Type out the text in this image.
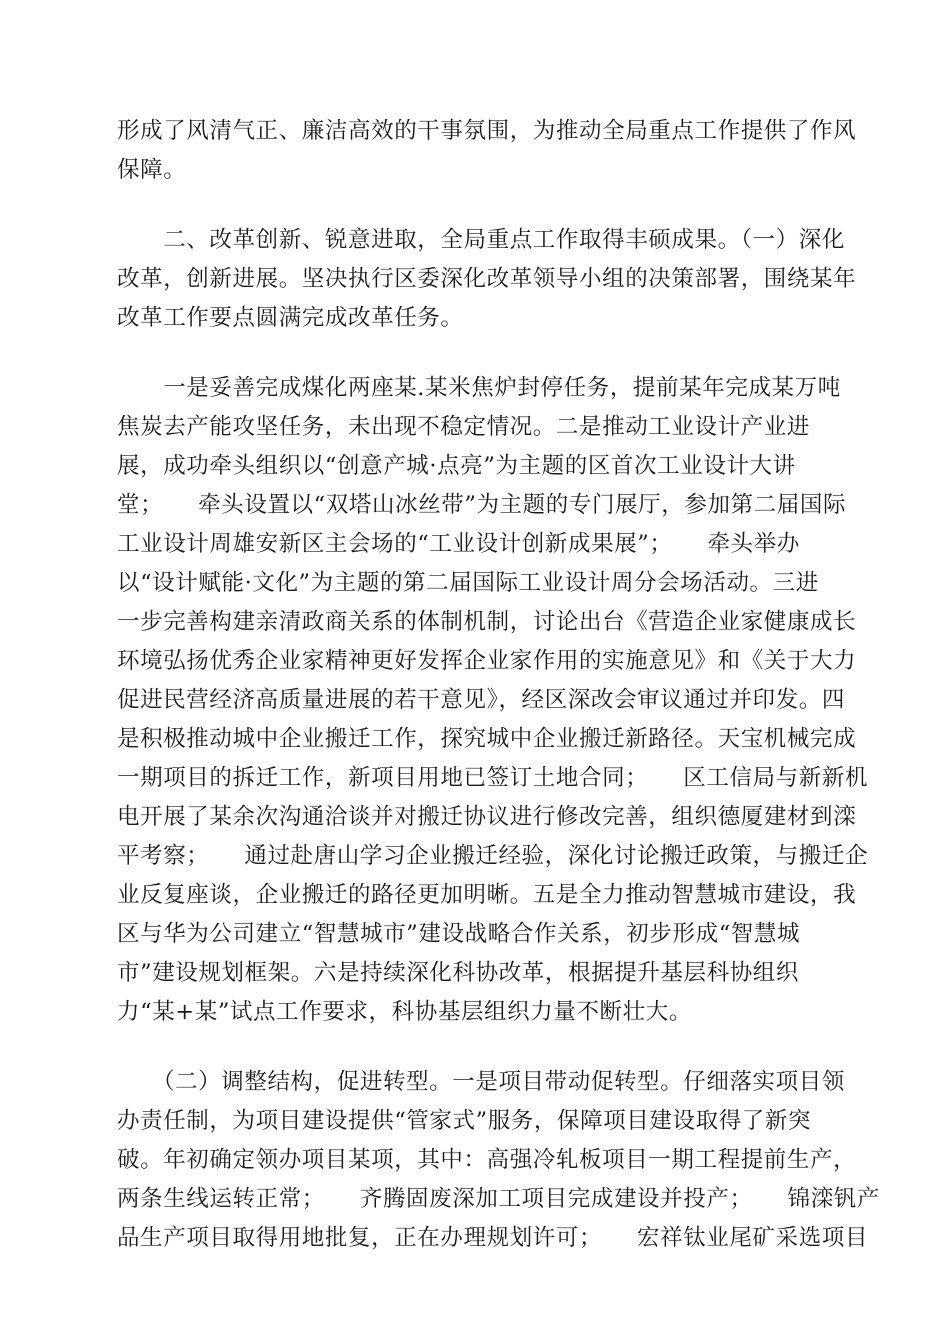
形成了风清气正、廉洁高效的干事氛围，为推动全局重点工作提供了作风
保障。
　　二、改革创新、锐意进取，全局重点工作取得丰硕成果。（一）深化
改革，创新进展。坚决执行区委深化改革领导小组的决策部署，围绕某年
改革工作要点圆满完成改革任务。
　　一是妥善完成煤化两座某.某米焦炉封停任务，提前某年完成某万吨
焦炭去产能攻坚任务，未出现不稳定情况。二是推动工业设计产业进
展，成功牵头组织以“创意产城·点亮”为主题的区首次工业设计大讲
堂；　　牵头设置以“双塔山冰丝带”为主题的专门展厅，参加第二届国际
工业设计周雄安新区主会场的“工业设计创新成果展”；　　牵头举办
以“设计赋能·文化”为主题的第二届国际工业设计周分会场活动。三进
一步完善构建亲清政商关系的体制机制，讨论出台《营造企业家健康成长
环境弘扬优秀企业家精神更好发挥企业家作用的实施意见》和《关于大力
促进民营经济高质量进展的若干意见》，经区深改会审议通过并印发。四
是积极推动城中企业搬迁工作，探究城中企业搬迁新路径。天宝机械完成
一期项目的拆迁工作，新项目用地已签订土地合同；　　区工信局与新新机
电开展了某余次沟通洽谈并对搬迁协议进行修改完善，组织德厦建材到滦
平考察；　　通过赴唐山学习企业搬迁经验，深化讨论搬迁政策，与搬迁企
业反复座谈，企业搬迁的路径更加明晰。五是全力推动智慧城市建设，我
区与华为公司建立“智慧城市”建设战略合作关系，初步形成“智慧城
市”建设规划框架。六是持续深化科协改革，根据提升基层科协组织
力“某+某”试点工作要求，科协基层组织力量不断壮大。
　　（二）调整结构，促进转型。一是项目带动促转型。仔细落实项目领
办责任制，为项目建设提供“管家式”服务，保障项目建设取得了新突
破。年初确定领办项目某项，其中：高强冷轧板项目一期工程提前生产，
两条生线运转正常；　　齐腾固废深加工项目完成建设并投产；　　锦滦钒产
品生产项目取得用地批复，正在办理规划许可；　　宏祥钛业尾矿采选项目
